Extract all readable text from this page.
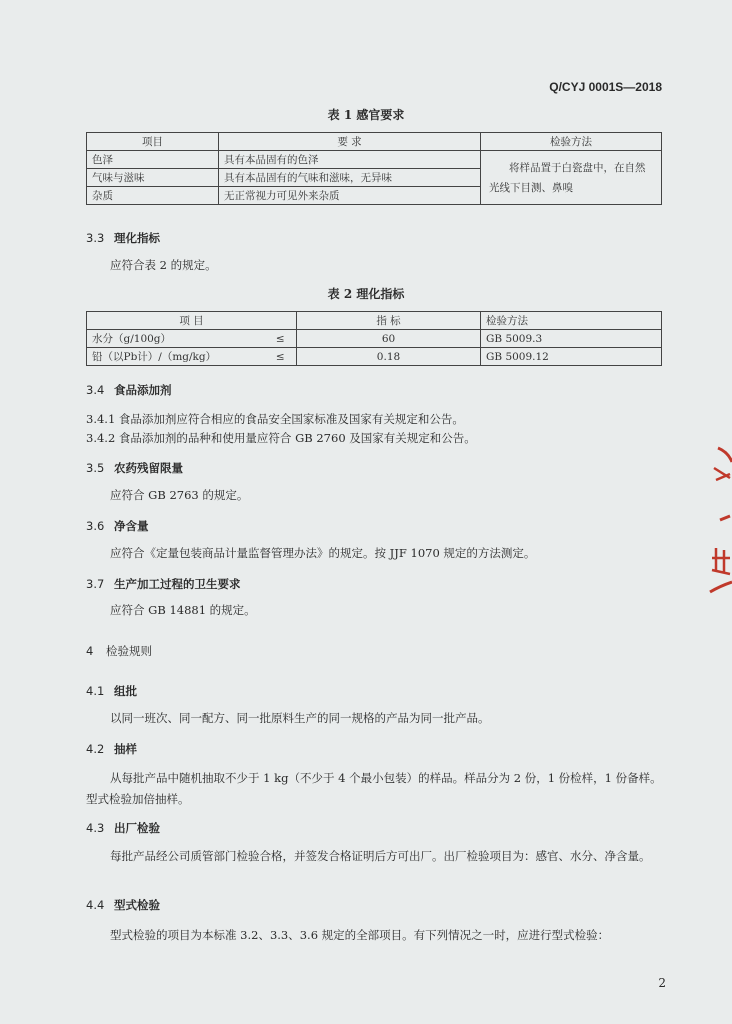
Q/CYJ 0001S—2018
表 1 感官要求
项目	要 求	检验方法
色泽	具有本品固有的色泽	将样品置于白瓷盘中，在自然光线下目测、鼻嗅
气味与滋味	具有本品固有的气味和滋味，无异味	
杂质	无正常视力可见外来杂质	
3.3 理化指标
应符合表 2 的规定。
表 2 理化指标
项 目		指 标	检验方法
水分（g/100g）	≤	60	GB 5009.3
铅（以Pb计）/（mg/kg）	≤	0.18	GB 5009.12
3.4 食品添加剂
3.4.1 食品添加剂应符合相应的食品安全国家标准及国家有关规定和公告。
3.4.2 食品添加剂的品种和使用量应符合 GB 2760 及国家有关规定和公告。
3.5 农药残留限量
应符合 GB 2763 的规定。
3.6 净含量
应符合《定量包装商品计量监督管理办法》的规定。按 JJF 1070 规定的方法测定。
3.7 生产加工过程的卫生要求
应符合 GB 14881 的规定。
4 检验规则
4.1 组批
以同一班次、同一配方、同一批原料生产的同一规格的产品为同一批产品。
4.2 抽样
从每批产品中随机抽取不少于 1 kg（不少于 4 个最小包装）的样品。样品分为 2 份，1 份检样，1 份备样。型式检验加倍抽样。
4.3 出厂检验
每批产品经公司质管部门检验合格，并签发合格证明后方可出厂。出厂检验项目为：感官、水分、净含量。
4.4 型式检验
型式检验的项目为本标准 3.2、3.3、3.6 规定的全部项目。有下列情况之一时，应进行型式检验：
2
